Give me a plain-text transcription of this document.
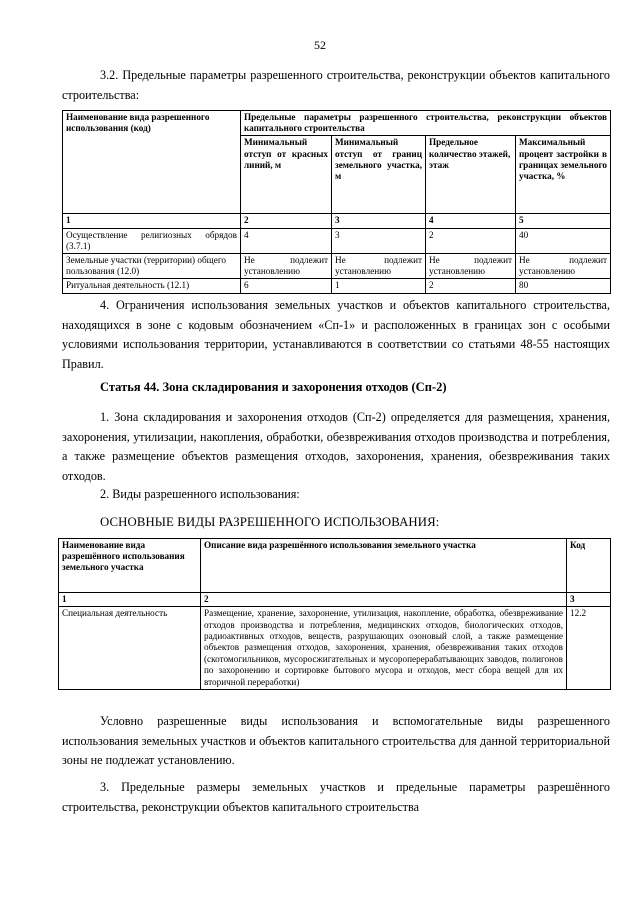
52

3.2. Предельные параметры разрешенного строительства, реконструкции объектов капитального строительства:

Наименование вида разрешенного использования (код)	Предельные параметры разрешенного строительства, реконструкции объектов капитального строительства			
	Минимальный отступ от красных линий, м	Минимальный отступ от границ земельного участка, м	Предельное количество этажей, этаж	Максимальный процент застройки в границах земельного участка, %
1	2	3	4	5
Осуществление религиозных обрядов (3.7.1)	4	3	2	40
Земельные участки (территории) общего пользования (12.0)	Не подлежит установлению	Не подлежит установлению	Не подлежит установлению	Не подлежит установлению
Ритуальная деятельность (12.1)	6	1	2	80

4. Ограничения использования земельных участков и объектов капитального строительства, находящихся в зоне с кодовым обозначением «Сп-1» и расположенных в границах зон с особыми условиями использования территории, устанавливаются в соответствии со статьями 48-55 настоящих Правил.

Статья 44. Зона складирования и захоронения отходов (Сп-2)

1. Зона складирования и захоронения отходов (Сп-2) определяется для размещения, хранения, захоронения, утилизации, накопления, обработки, обезвреживания отходов производства и потребления, а также размещение объектов размещения отходов, захоронения, хранения, обезвреживания таких отходов.

2. Виды разрешенного использования:

ОСНОВНЫЕ ВИДЫ РАЗРЕШЕННОГО ИСПОЛЬЗОВАНИЯ:

Наименование вида разрешённого использования земельного участка	Описание вида разрешённого использования земельного участка	Код
1	2	3
Специальная деятельность	Размещение, хранение, захоронение, утилизация, накопление, обработка, обезвреживание отходов производства и потребления, медицинских отходов, биологических отходов, радиоактивных отходов, веществ, разрушающих озоновый слой, а также размещение объектов размещения отходов, захоронения, хранения, обезвреживания таких отходов (скотомогильников, мусоросжигательных и мусороперерабатывающих заводов, полигонов по захоронению и сортировке бытового мусора и отходов, мест сбора вещей для их вторичной переработки)	12.2

Условно разрешенные виды использования и вспомогательные виды разрешенного использования земельных участков и объектов капитального строительства для данной территориальной зоны не подлежат установлению.

3. Предельные размеры земельных участков и предельные параметры разрешённого строительства, реконструкции объектов капитального строительства
